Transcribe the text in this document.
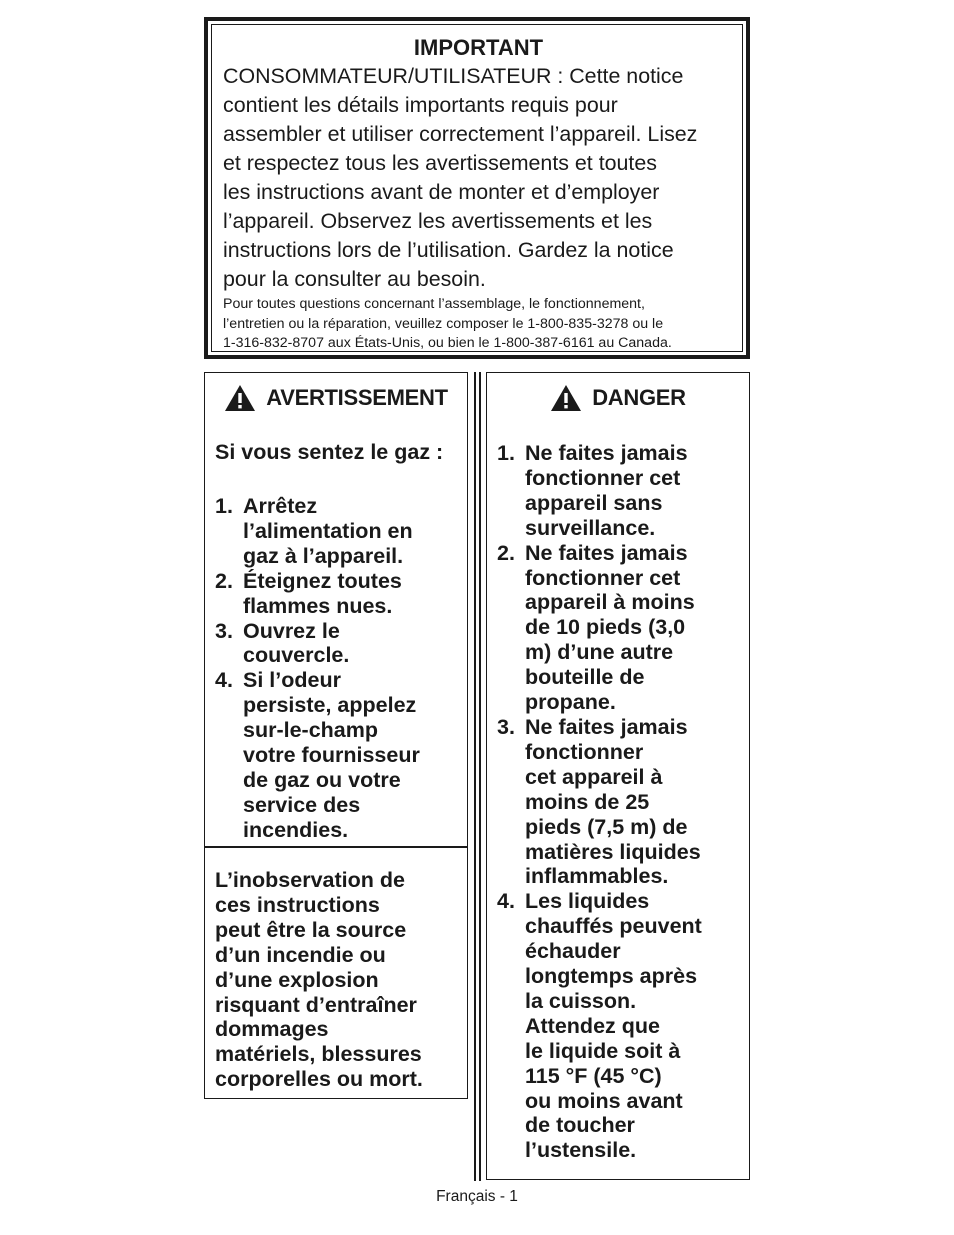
IMPORTANT
CONSOMMATEUR/UTILISATEUR : Cette notice
contient les détails importants requis pour
assembler et utiliser correctement l’appareil. Lisez
et respectez tous les avertissements et toutes
les instructions avant de monter et d’employer
l’appareil. Observez les avertissements et les
instructions lors de l’utilisation. Gardez la notice
pour la consulter au besoin.
Pour toutes questions concernant l’assemblage, le fonctionnement,
l’entretien ou la réparation, veuillez composer le 1-800-835-3278 ou le
1-316-832-8707 aux États-Unis, ou bien le 1-800-387-6161 au Canada.
AVERTISSEMENT
Si vous sentez le gaz :
1. Arrêtez
l’alimentation en
gaz à l’appareil.
2. Éteignez toutes
flammes nues.
3. Ouvrez le
couvercle.
4. Si l’odeur
persiste, appelez
sur-le-champ
votre fournisseur
de gaz ou votre
service des
incendies.
L’inobservation de
ces instructions
peut être la source
d’un incendie ou
d’une explosion
risquant d’entraîner
dommages
matériels, blessures
corporelles ou mort.
DANGER
1. Ne faites jamais
fonctionner cet
appareil sans
surveillance.
2. Ne faites jamais
fonctionner cet
appareil à moins
de 10 pieds (3,0
m) d’une autre
bouteille de
propane.
3. Ne faites jamais
fonctionner
cet appareil à
moins de 25
pieds (7,5 m) de
matières liquides
inflammables.
4. Les liquides
chauffés peuvent
échauder
longtemps après
la cuisson.
Attendez que
le liquide soit à
115 °F (45 °C)
ou moins avant
de toucher
l’ustensile.
Français - 1
